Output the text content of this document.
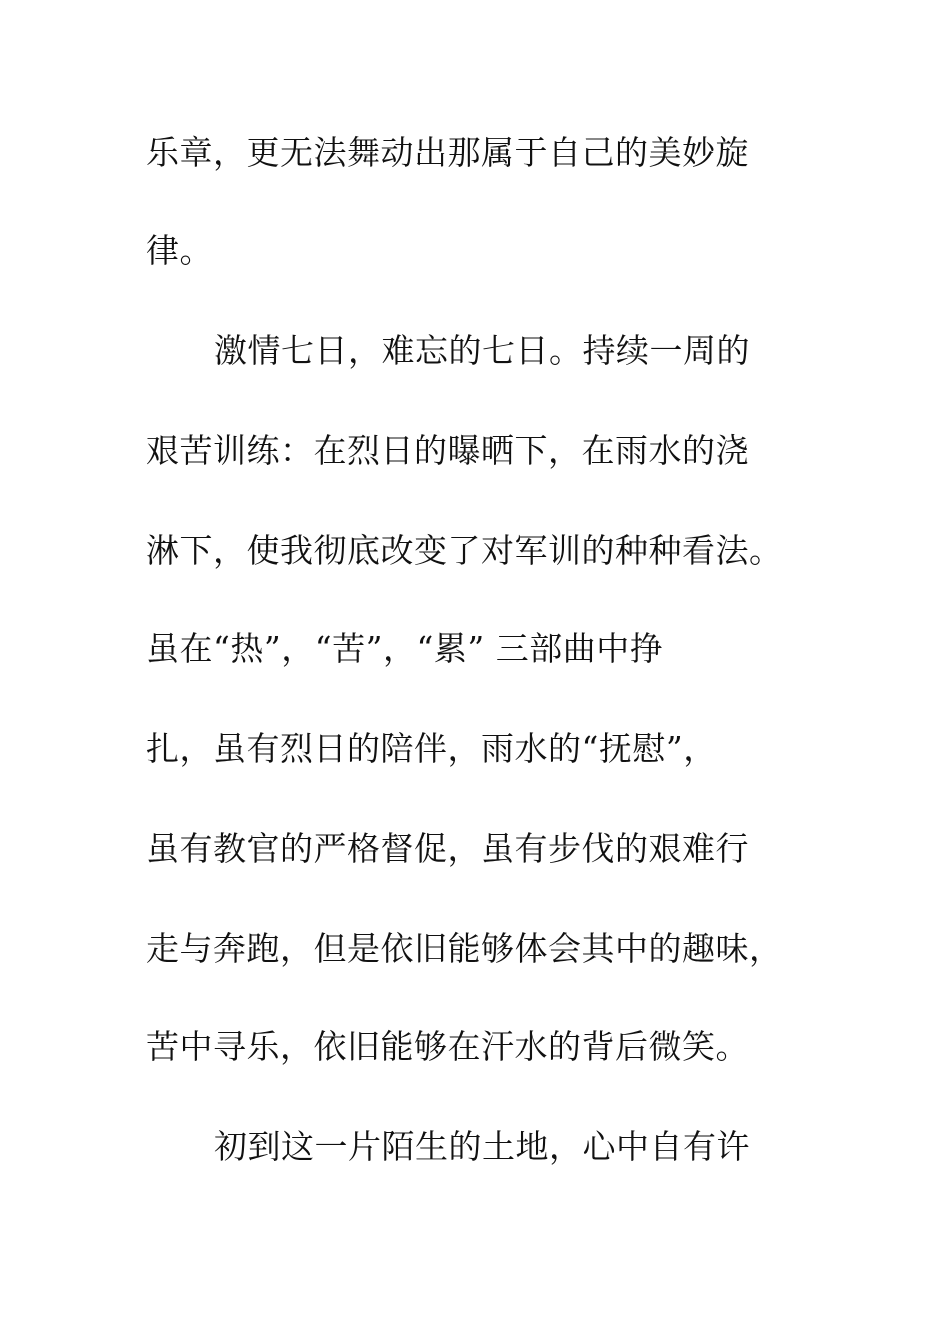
乐章，更无法舞动出那属于自己的美妙旋
律。
激情七日，难忘的七日。持续一周的
艰苦训练：在烈日的曝晒下，在雨水的浇
淋下，使我彻底改变了对军训的种种看法。
虽在“热”，“苦”，“累” 三部曲中挣
扎，虽有烈日的陪伴，雨水的“抚慰”，
虽有教官的严格督促，虽有步伐的艰难行
走与奔跑，但是依旧能够体会其中的趣味，
苦中寻乐，依旧能够在汗水的背后微笑。
初到这一片陌生的土地，心中自有许
